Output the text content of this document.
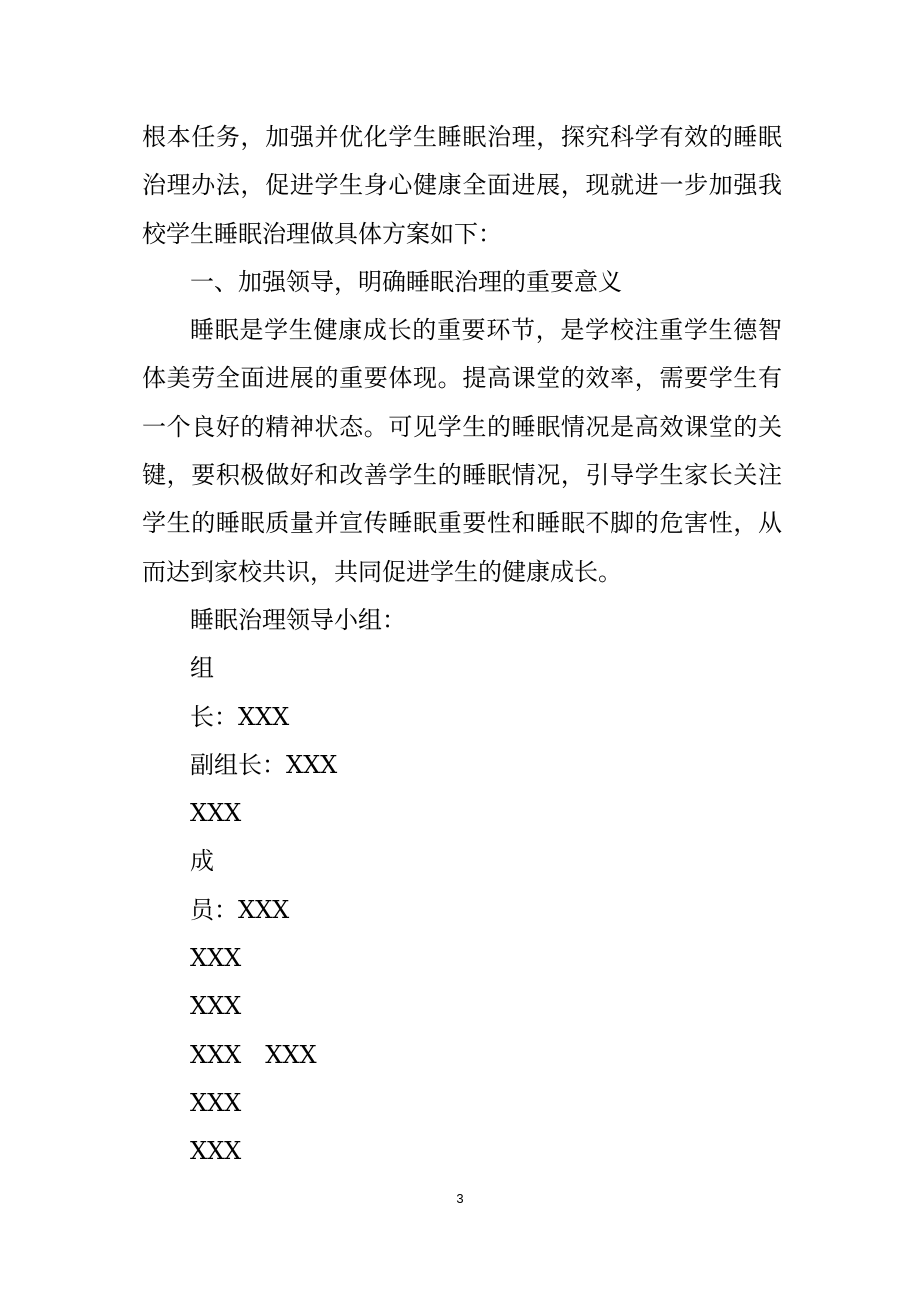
根本任务，加强并优化学生睡眠治理，探究科学有效的睡眠
治理办法，促进学生身心健康全面进展，现就进一步加强我
校学生睡眠治理做具体方案如下：
一、加强领导，明确睡眠治理的重要意义
睡眠是学生健康成长的重要环节，是学校注重学生德智
体美劳全面进展的重要体现。提高课堂的效率，需要学生有
一个良好的精神状态。可见学生的睡眠情况是高效课堂的关
键，要积极做好和改善学生的睡眠情况，引导学生家长关注
学生的睡眠质量并宣传睡眠重要性和睡眠不脚的危害性，从
而达到家校共识，共同促进学生的健康成长。
睡眠治理领导小组：
组
长：XXX
副组长：XXX
XXX
成
员：XXX
XXX
XXX
XXX XXX
XXX
XXX
3
